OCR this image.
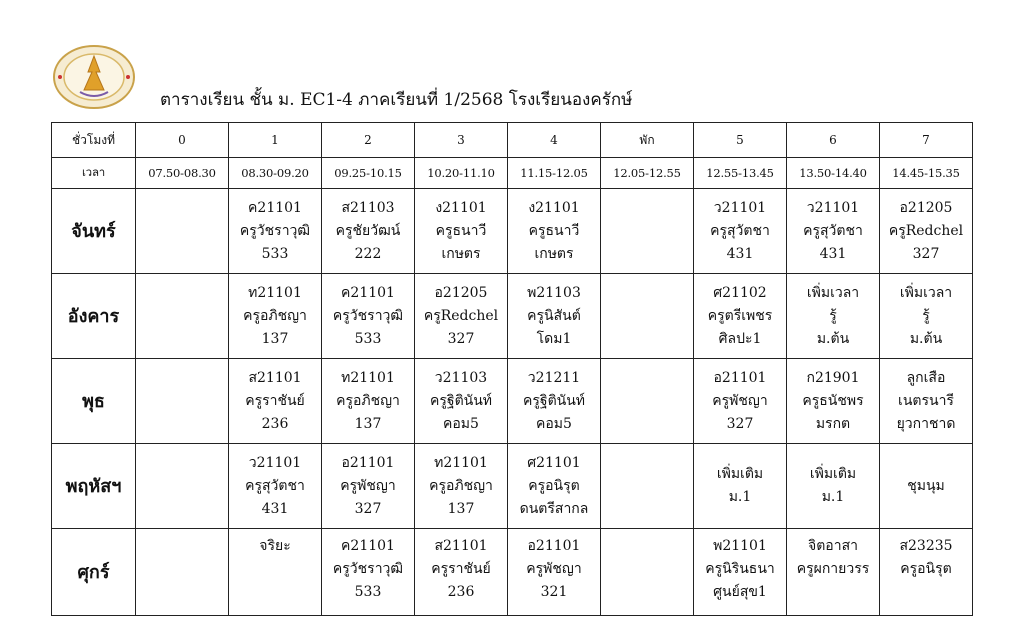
ตารางเรียน ชั้น ม. EC1-4 ภาคเรียนที่ 1/2568 โรงเรียนองครักษ์
ชั่วโมงที่	0	1	2	3	4	พัก	5	6	7
เวลา	07.50-08.30	08.30-09.20	09.25-10.15	10.20-11.10	11.15-12.05	12.05-12.55	12.55-13.45	13.50-14.40	14.45-15.35
จันทร์		ค21101
ครูวัชราวุฒิ
533	ส21103
ครูชัยวัฒน์
222	ง21101
ครูธนาวี
เกษตร	ง21101
ครูธนาวี
เกษตร		ว21101
ครูสุวัตชา
431	ว21101
ครูสุวัตชา
431	อ21205
ครูRedchel
327

อังคาร		ท21101
ครูอภิชญา
137	ค21101
ครูวัชราวุฒิ
533	อ21205
ครูRedchel
327	พ21103
ครูนิสันต์
โดม1		ศ21102
ครูตรีเพชร
ศิลปะ1	เพิ่มเวลา
รู้
ม.ต้น	เพิ่มเวลา
รู้
ม.ต้น

พุธ		ส21101
ครูราชันย์
236	ท21101
ครูอภิชญา
137	ว21103
ครูฐิตินันท์
คอม5	ว21211
ครูฐิตินันท์
คอม5		อ21101
ครูพัชญา
327	ก21901
ครูธนัชพร
มรกต	ลูกเสือ
เนตรนารี
ยุวกาชาด

พฤหัสฯ		ว21101
ครูสุวัตชา
431	อ21101
ครูพัชญา
327	ท21101
ครูอภิชญา
137	ศ21101
ครูอนิรุต
ดนตรีสากล		เพิ่มเติม
ม.1	เพิ่มเติม
ม.1	ชุมนุม

ศุกร์		จริยะ	ค21101
ครูวัชราวุฒิ
533	ส21101
ครูราชันย์
236	อ21101
ครูพัชญา
321		พ21101
ครูนิรินธนา
ศูนย์สุข1	จิตอาสา
ครูผกายวรร	ส23235
ครูอนิรุต
